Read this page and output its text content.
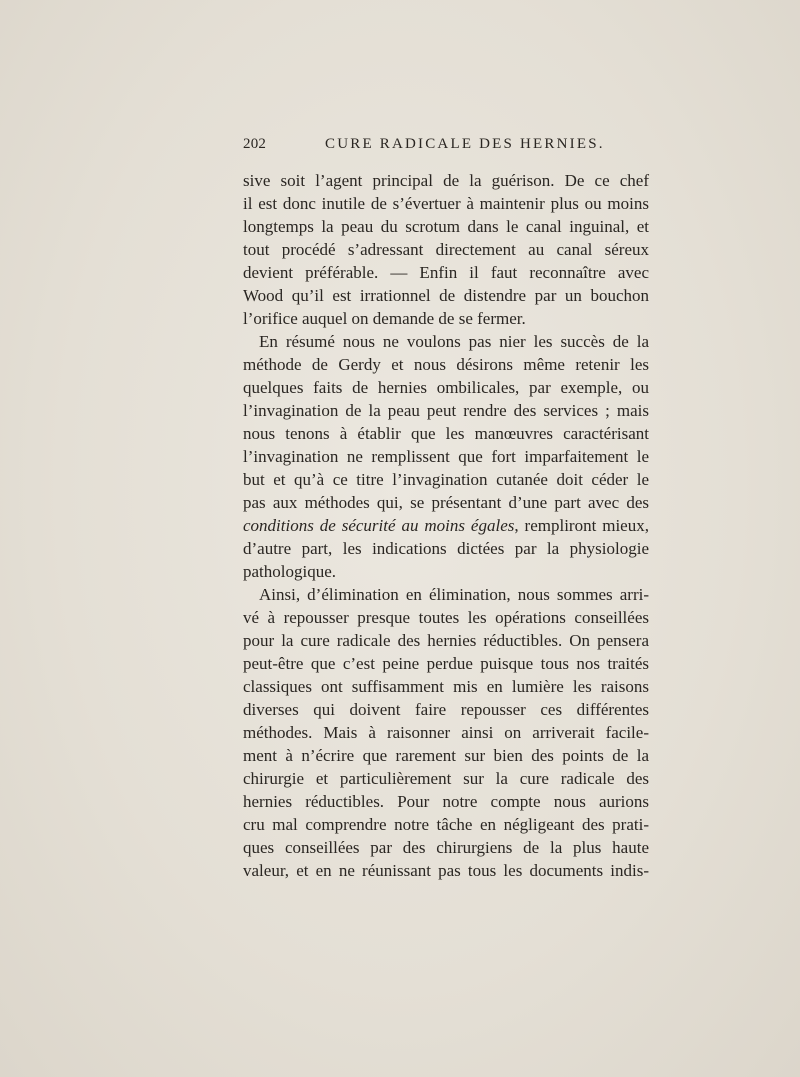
202	CURE RADICALE DES HERNIES.
sive soit l’agent principal de la guérison. De ce chef
il est donc inutile de s’évertuer à maintenir plus ou moins
longtemps la peau du scrotum dans le canal inguinal, et
tout procédé s’adressant directement au canal séreux
devient préférable. — Enfin il faut reconnaître avec
Wood qu’il est irrationnel de distendre par un bouchon
l’orifice auquel on demande de se fermer.
En résumé nous ne voulons pas nier les succès de la
méthode de Gerdy et nous désirons même retenir les
quelques faits de hernies ombilicales, par exemple, ou
l’invagination de la peau peut rendre des services ; mais
nous tenons à établir que les manœuvres caractérisant
l’invagination ne remplissent que fort imparfaitement le
but et qu’à ce titre l’invagination cutanée doit céder le
pas aux méthodes qui, se présentant d’une part avec des
conditions de sécurité au moins égales, rempliront mieux,
d’autre part, les indications dictées par la physiologie
pathologique.
Ainsi, d’élimination en élimination, nous sommes arri-
vé à repousser presque toutes les opérations conseillées
pour la cure radicale des hernies réductibles. On pensera
peut-être que c’est peine perdue puisque tous nos traités
classiques ont suffisamment mis en lumière les raisons
diverses qui doivent faire repousser ces différentes
méthodes. Mais à raisonner ainsi on arriverait facile-
ment à n’écrire que rarement sur bien des points de la
chirurgie et particulièrement sur la cure radicale des
hernies réductibles. Pour notre compte nous aurions
cru mal comprendre notre tâche en négligeant des prati-
ques conseillées par des chirurgiens de la plus haute
valeur, et en ne réunissant pas tous les documents indis-
